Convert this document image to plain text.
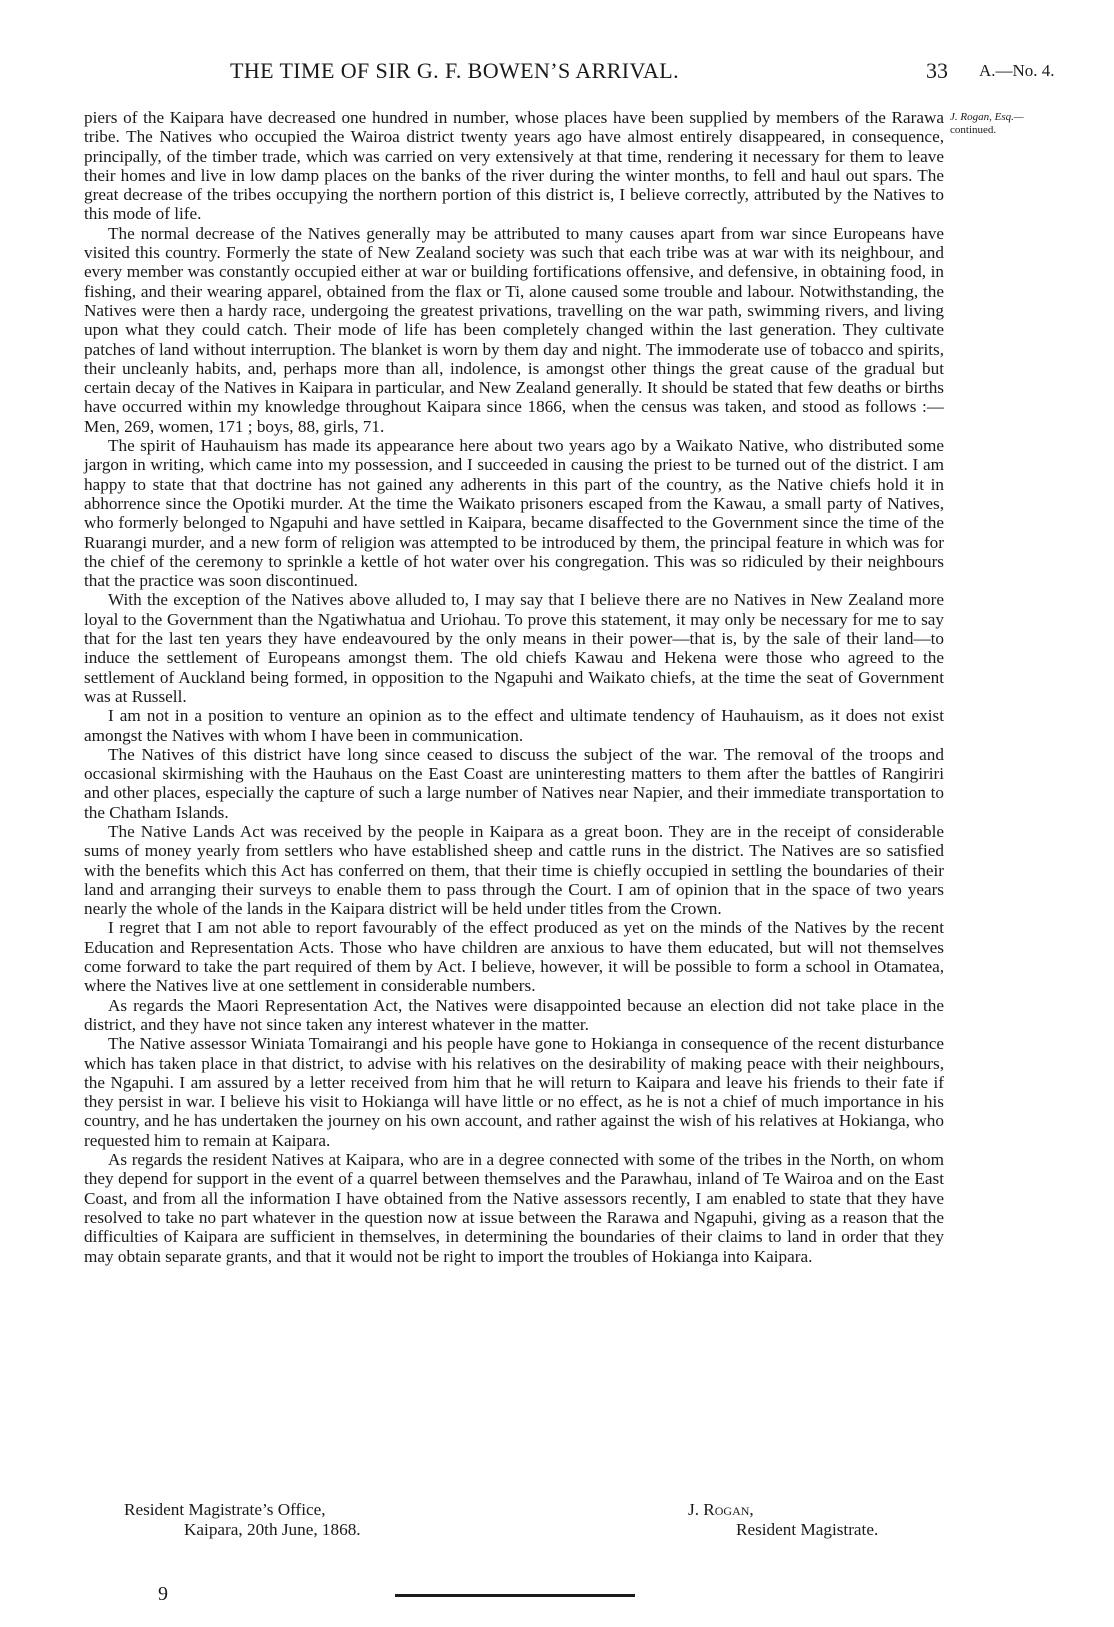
THE TIME OF SIR G. F. BOWEN’S ARRIVAL.	33 A.—No. 4.
J. Rogan, Esq.—
continued.

piers of the Kaipara have decreased one hundred in number, whose places have been supplied by members of the Rarawa tribe. The Natives who occupied the Wairoa district twenty years ago have almost entirely disappeared, in consequence, principally, of the timber trade, which was carried on very extensively at that time, rendering it necessary for them to leave their homes and live in low damp places on the banks of the river during the winter months, to fell and haul out spars. The great decrease of the tribes occupying the northern portion of this district is, I believe correctly, attributed by the Natives to this mode of life.

The normal decrease of the Natives generally may be attributed to many causes apart from war since Europeans have visited this country. Formerly the state of New Zealand society was such that each tribe was at war with its neighbour, and every member was constantly occupied either at war or building fortifications offensive, and defensive, in obtaining food, in fishing, and their wearing apparel, obtained from the flax or Ti, alone caused some trouble and labour. Notwithstanding, the Natives were then a hardy race, undergoing the greatest privations, travelling on the war path, swimming rivers, and living upon what they could catch. Their mode of life has been completely changed within the last generation. They cultivate patches of land without interruption. The blanket is worn by them day and night. The immoderate use of tobacco and spirits, their uncleanly habits, and, perhaps more than all, indolence, is amongst other things the great cause of the gradual but certain decay of the Natives in Kaipara in particular, and New Zealand generally. It should be stated that few deaths or births have occurred within my knowledge throughout Kaipara since 1866, when the census was taken, and stood as follows :—Men, 269, women, 171 ; boys, 88, girls, 71.

The spirit of Hauhauism has made its appearance here about two years ago by a Waikato Native, who distributed some jargon in writing, which came into my possession, and I succeeded in causing the priest to be turned out of the district. I am happy to state that that doctrine has not gained any adherents in this part of the country, as the Native chiefs hold it in abhorrence since the Opotiki murder. At the time the Waikato prisoners escaped from the Kawau, a small party of Natives, who formerly belonged to Ngapuhi and have settled in Kaipara, became disaffected to the Government since the time of the Ruarangi murder, and a new form of religion was attempted to be introduced by them, the principal feature in which was for the chief of the ceremony to sprinkle a kettle of hot water over his congregation. This was so ridiculed by their neighbours that the practice was soon discontinued.

With the exception of the Natives above alluded to, I may say that I believe there are no Natives in New Zealand more loyal to the Government than the Ngatiwhatua and Uriohau. To prove this statement, it may only be necessary for me to say that for the last ten years they have endeavoured by the only means in their power—that is, by the sale of their land—to induce the settlement of Europeans amongst them. The old chiefs Kawau and Hekena were those who agreed to the settlement of Auckland being formed, in opposition to the Ngapuhi and Waikato chiefs, at the time the seat of Government was at Russell.

I am not in a position to venture an opinion as to the effect and ultimate tendency of Hauhauism, as it does not exist amongst the Natives with whom I have been in communication.

The Natives of this district have long since ceased to discuss the subject of the war. The removal of the troops and occasional skirmishing with the Hauhaus on the East Coast are uninteresting matters to them after the battles of Rangiriri and other places, especially the capture of such a large number of Natives near Napier, and their immediate transportation to the Chatham Islands.

The Native Lands Act was received by the people in Kaipara as a great boon. They are in the receipt of considerable sums of money yearly from settlers who have established sheep and cattle runs in the district. The Natives are so satisfied with the benefits which this Act has conferred on them, that their time is chiefly occupied in settling the boundaries of their land and arranging their surveys to enable them to pass through the Court. I am of opinion that in the space of two years nearly the whole of the lands in the Kaipara district will be held under titles from the Crown.

I regret that I am not able to report favourably of the effect produced as yet on the minds of the Natives by the recent Education and Representation Acts. Those who have children are anxious to have them educated, but will not themselves come forward to take the part required of them by Act. I believe, however, it will be possible to form a school in Otamatea, where the Natives live at one settlement in considerable numbers.

As regards the Maori Representation Act, the Natives were disappointed because an election did not take place in the district, and they have not since taken any interest whatever in the matter.

The Native assessor Winiata Tomairangi and his people have gone to Hokianga in consequence of the recent disturbance which has taken place in that district, to advise with his relatives on the desirability of making peace with their neighbours, the Ngapuhi. I am assured by a letter received from him that he will return to Kaipara and leave his friends to their fate if they persist in war. I believe his visit to Hokianga will have little or no effect, as he is not a chief of much importance in his country, and he has undertaken the journey on his own account, and rather against the wish of his relatives at Hokianga, who requested him to remain at Kaipara.

As regards the resident Natives at Kaipara, who are in a degree connected with some of the tribes in the North, on whom they depend for support in the event of a quarrel between themselves and the Parawhau, inland of Te Wairoa and on the East Coast, and from all the information I have obtained from the Native assessors recently, I am enabled to state that they have resolved to take no part whatever in the question now at issue between the Rarawa and Ngapuhi, giving as a reason that the difficulties of Kaipara are sufficient in themselves, in determining the boundaries of their claims to land in order that they may obtain separate grants, and that it would not be right to import the troubles of Hokianga into Kaipara.

Resident Magistrate’s Office,
Kaipara, 20th June, 1868.
J. Rogan,
Resident Magistrate.
9
